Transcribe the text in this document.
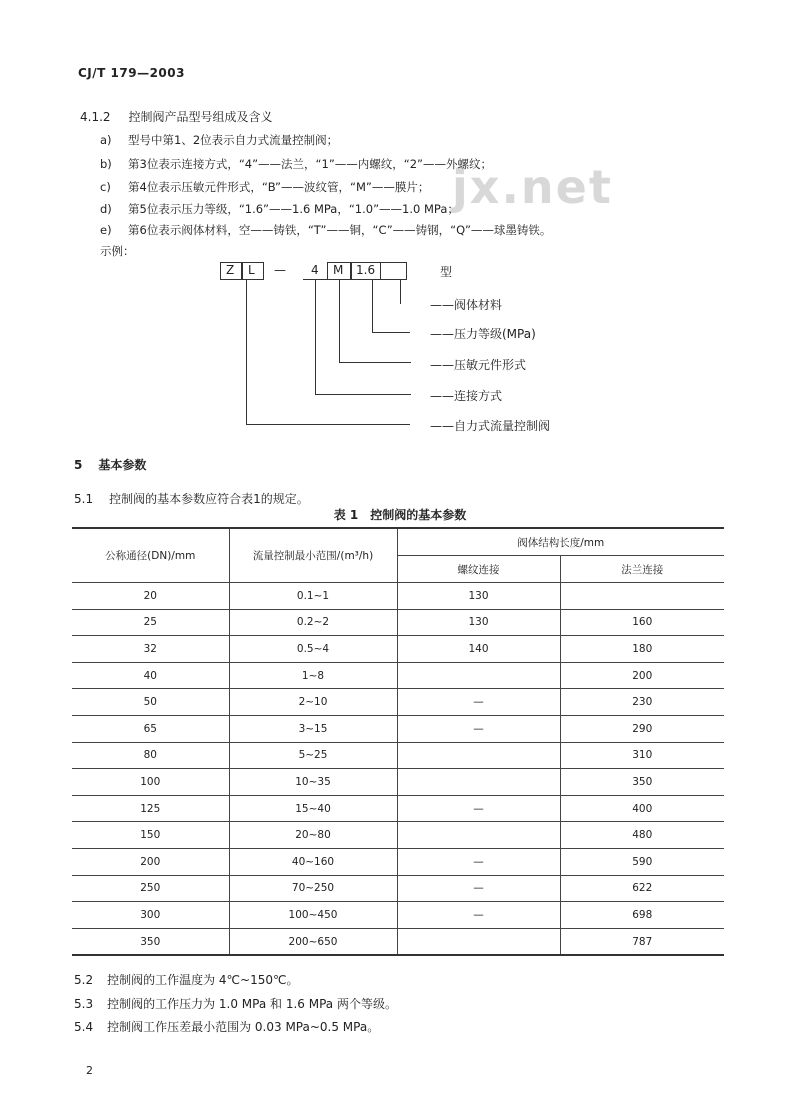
CJ/T 179—2003
jx.net
4.1.2 控制阀产品型号组成及含义
a) 型号中第1、2位表示自力式流量控制阀；
b) 第3位表示连接方式，“4”——法兰，“1”——内螺纹，“2”——外螺纹；
c) 第4位表示压敏元件形式，“B”——波纹管，“M”——膜片；
d) 第5位表示压力等级，“1.6”——1.6 MPa，“1.0”——1.0 MPa；
e) 第6位表示阀体材料，空——铸铁，“T”——铜，“C”——铸钢，“Q”——球墨铸铁。
示例：
Z L — 4 M 1.6	型
——阀体材料
——压力等级(MPa)
——压敏元件形式
——连接方式
——自力式流量控制阀
5 基本参数
5.1 控制阀的基本参数应符合表1的规定。
表 1 控制阀的基本参数
公称通径(DN)/mm	流量控制最小范围/(m³/h)	阀体结构长度/mm	
		螺纹连接	法兰连接
20	0.1~1	130	
25	0.2~2	130	160
32	0.5~4	140	180
40	1~8		200
50	2~10	—	230
65	3~15	—	290
80	5~25		310
100	10~35		350
125	15~40	—	400
150	20~80		480
200	40~160	—	590
250	70~250	—	622
300	100~450	—	698
350	200~650		787
5.2 控制阀的工作温度为 4℃~150℃。
5.3 控制阀的工作压力为 1.0 MPa 和 1.6 MPa 两个等级。
5.4 控制阀工作压差最小范围为 0.03 MPa~0.5 MPa。
2
